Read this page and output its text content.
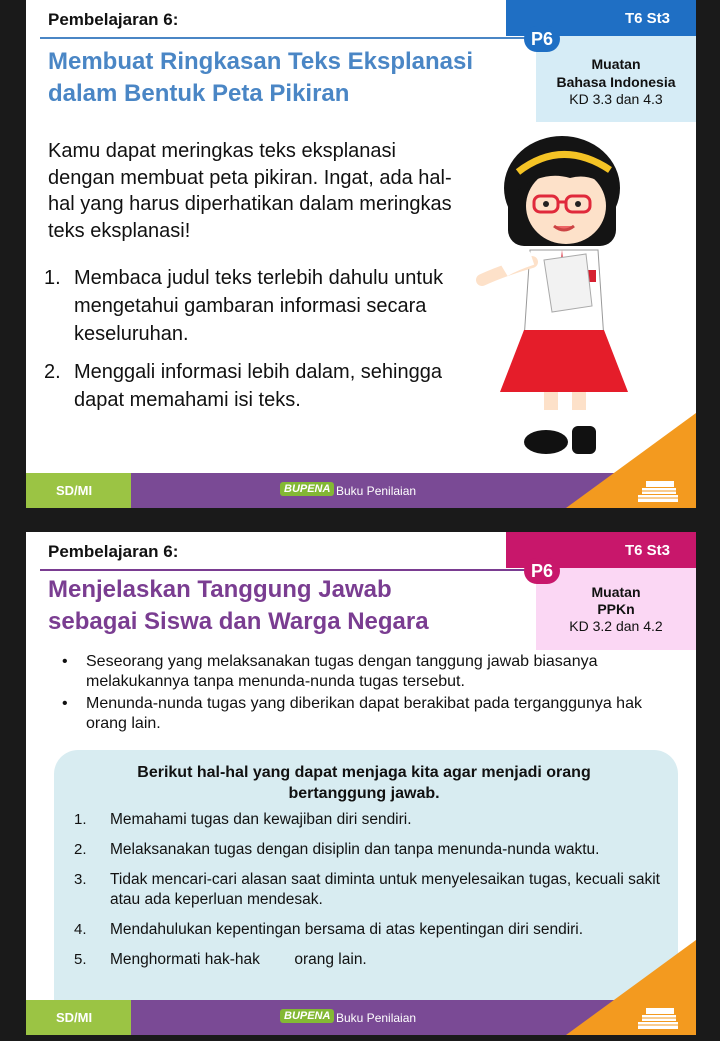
Pembelajaran 6:	T6 St3
Muatan
Bahasa Indonesia
KD 3.3 dan 4.3
P6
Membuat Ringkasan Teks Eksplanasi
dalam Bentuk Peta Pikiran
Kamu dapat meringkas teks eksplanasi dengan membuat peta pikiran. Ingat, ada hal-hal yang harus diperhatikan dalam meringkas teks eksplanasi!
1. Membaca judul teks terlebih dahulu untuk mengetahui gambaran informasi secara keseluruhan.
2. Menggali informasi lebih dalam, sehingga dapat memahami isi teks.
SD/MI	BUPENA Buku Penilaian
Pembelajaran 6:	T6 St3
Muatan
PPKn
KD 3.2 dan 4.2
P6
Menjelaskan Tanggung Jawab
sebagai Siswa dan Warga Negara
• Seseorang yang melaksanakan tugas dengan tanggung jawab biasanya melakukannya tanpa menunda-nunda tugas tersebut.
• Menunda-nunda tugas yang diberikan dapat berakibat pada terganggunya hak orang lain.
Berikut hal-hal yang dapat menjaga kita agar menjadi orang bertanggung jawab.
1. Memahami tugas dan kewajiban diri sendiri.
2. Melaksanakan tugas dengan disiplin dan tanpa menunda-nunda waktu.
3. Tidak mencari-cari alasan saat diminta untuk menyelesaikan tugas, kecuali sakit atau ada keperluan mendesak.
4. Mendahulukan kepentingan bersama di atas kepentingan diri sendiri.
5. Menghormati hak-hak        orang lain.
SD/MI	BUPENA Buku Penilaian
